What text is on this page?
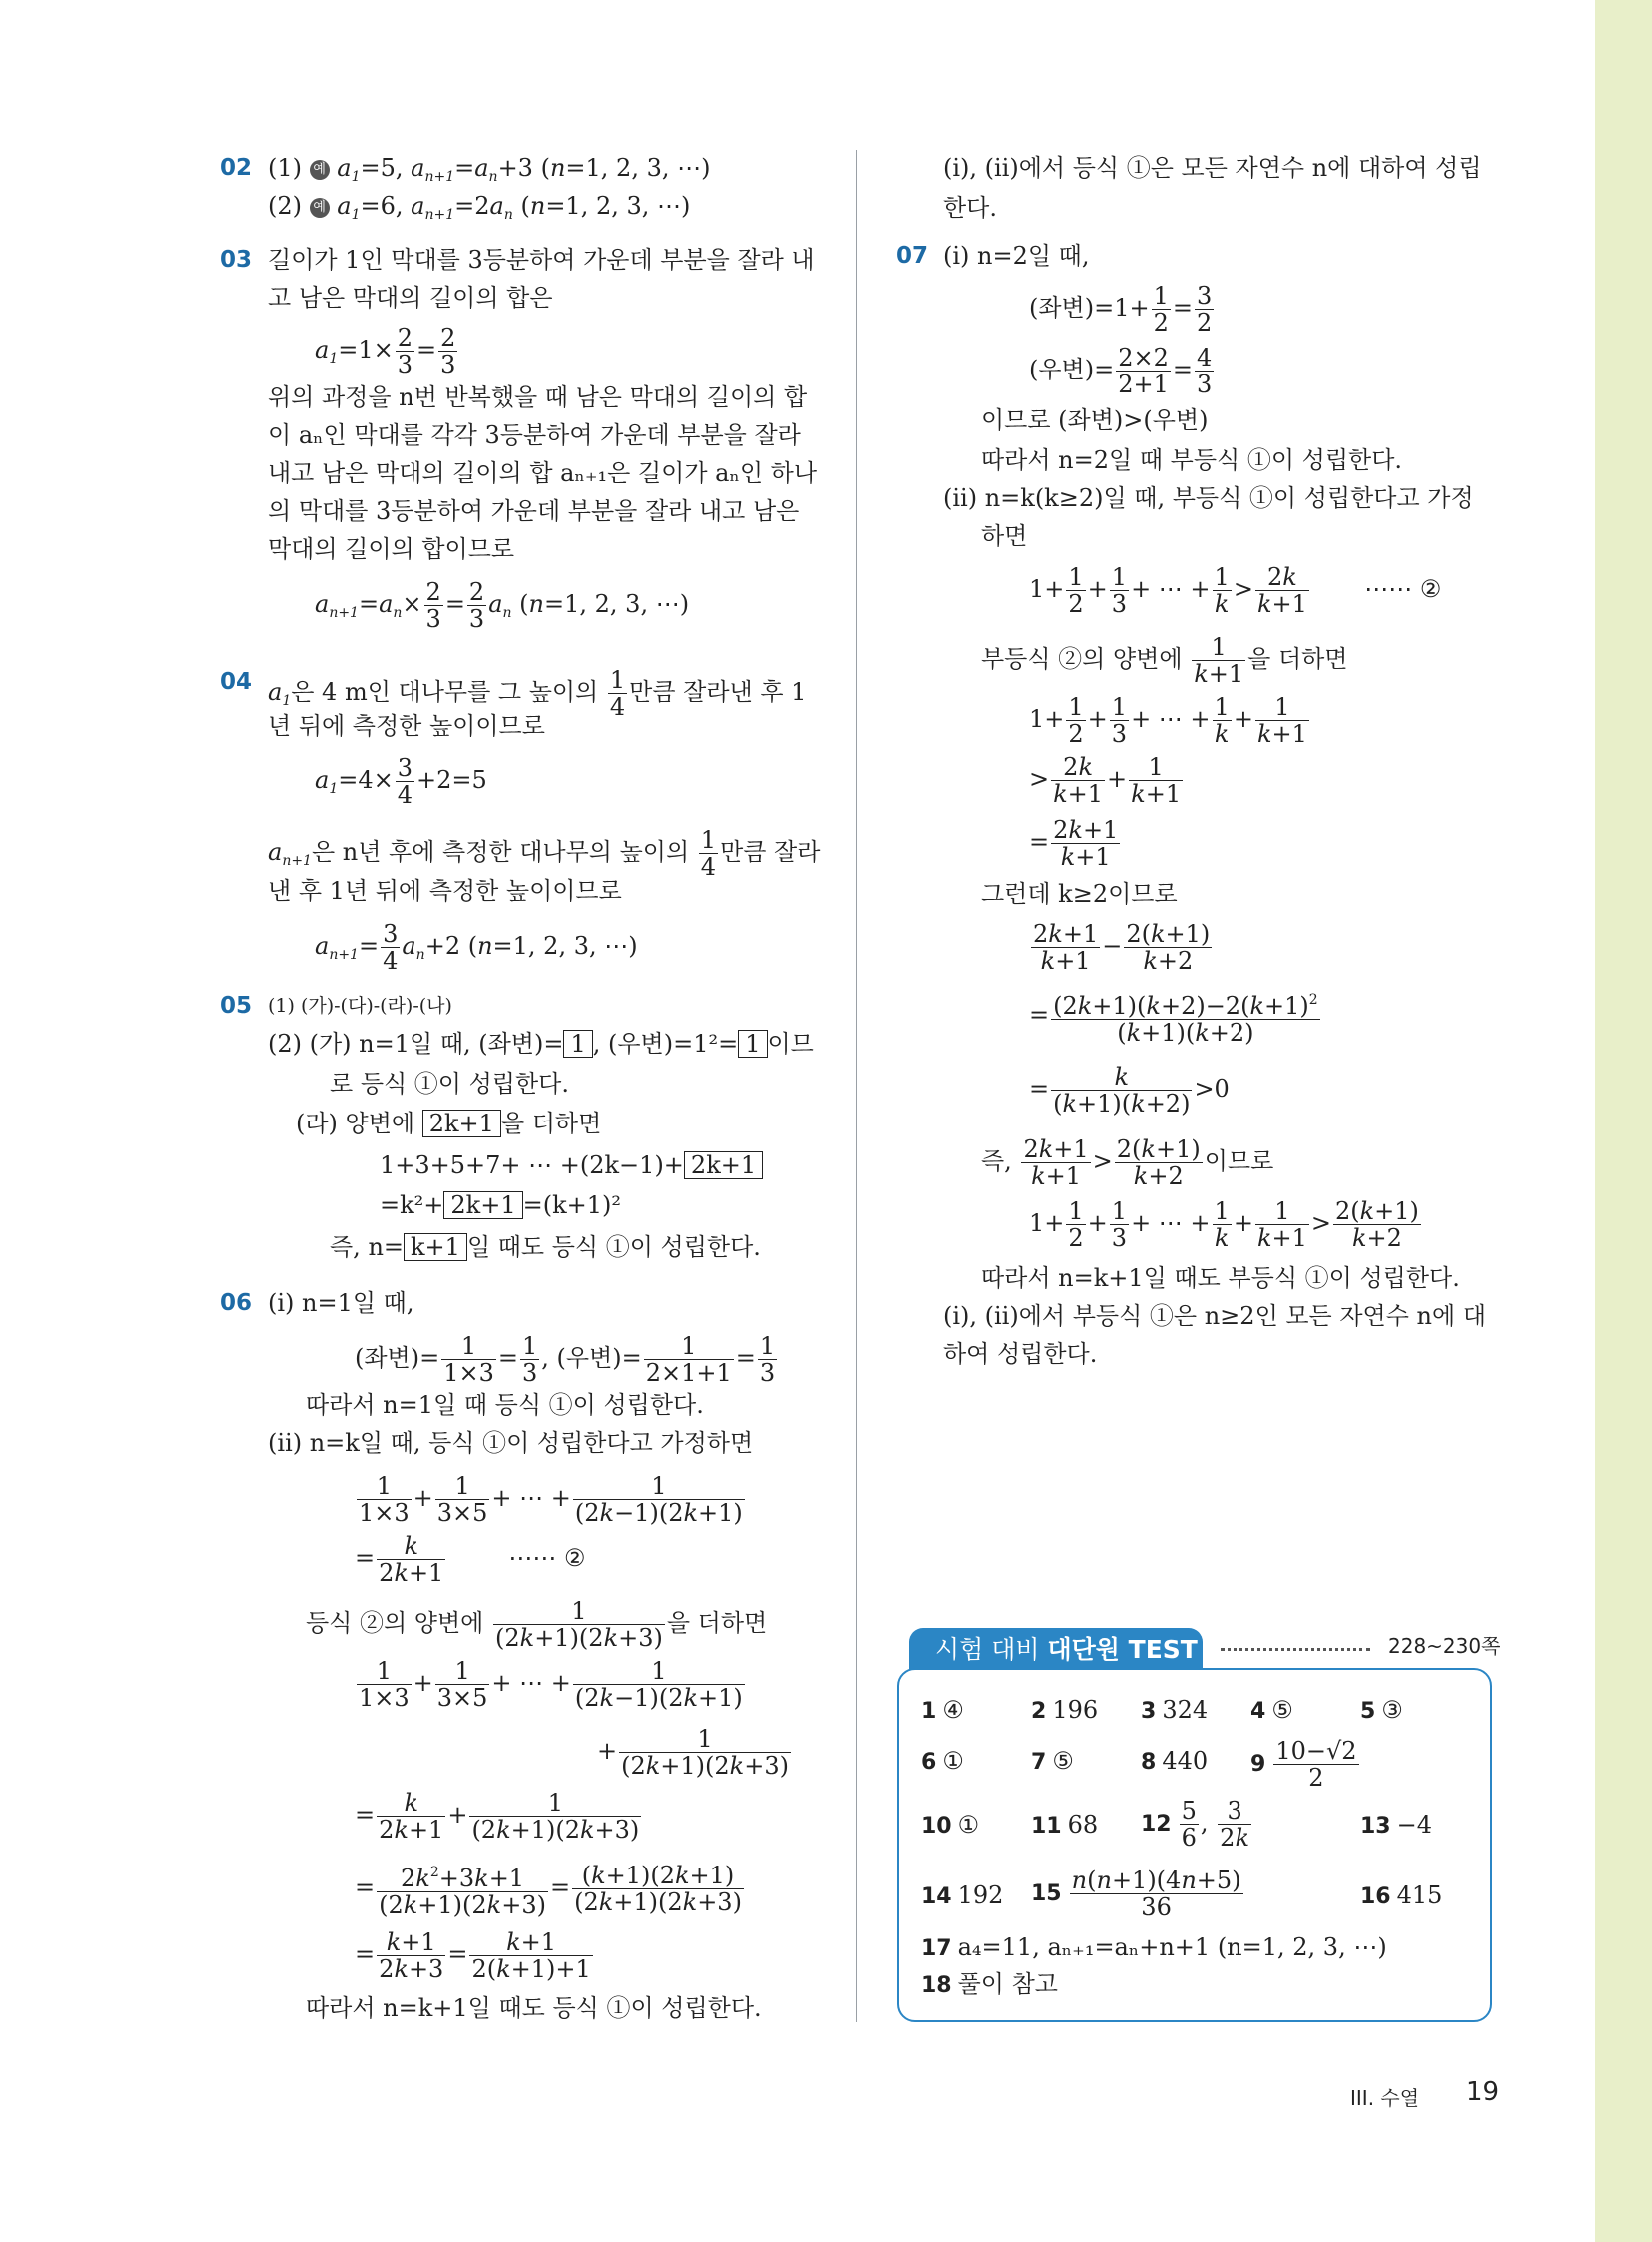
02 (1) 예 $a_1=5$, $a_{n+1}=a_n+3$ (n=1, 2, 3, ⋯)
(2) 예 $a_1=6$, $a_{n+1}=2a_n$ (n=1, 2, 3, ⋯)
03 길이가 1인 막대를 3등분하여 가운데 부분을 잘라 내
고 남은 막대의 길이의 합은
$a_1=1\times \frac{2}{3} = \frac{2}{3}$
위의 과정을 n번 반복했을 때 남은 막대의 길이의 합
이 aₙ인 막대를 각각 3등분하여 가운데 부분을 잘라
내고 남은 막대의 길이의 합 aₙ₊₁은 길이가 aₙ인 하나
의 막대를 3등분하여 가운데 부분을 잘라 내고 남은
막대의 길이의 합이므로
$a_{n+1}=a_n\times \frac{2}{3} = \frac{2}{3} a_n$ (n=1, 2, 3, ⋯)
04 $a_1$은 4 m인 대나무를 그 높이의 $\frac{1}{4}$ 만큼 잘라낸 후 1
년 뒤에 측정한 높이이므로
$a_1=4\times \frac{3}{4} +2=5$
$a_{n+1}$은 n년 후에 측정한 대나무의 높이의 $\frac{1}{4}$ 만큼 잘라
낸 후 1년 뒤에 측정한 높이이므로
$a_{n+1}= \frac{3}{4} a_n+2$ (n=1, 2, 3, ⋯)
05 (1) (가)-(다)-(라)-(나)
(2) (가) n=1일 때, (좌변)= 1 , (우변)=1²= 1 이므
로 등식 ①이 성립한다.
(라) 양변에 2k+1 을 더하면
1+3+5+7+ ⋯ +(2k−1)+ 2k+1
=k²+ 2k+1 =(k+1)²
즉, n= k+1 일 때도 등식 ①이 성립한다.
06 (ⅰ) n=1일 때,
(좌변)= $\frac{1}{1\times 3} = \frac{1}{3}$ , (우변)= $\frac{1}{2\times 1+1} = \frac{1}{3}$
따라서 n=1일 때 등식 ①이 성립한다.
(ⅱ) n=k일 때, 등식 ①이 성립한다고 가정하면
$\frac{1}{1\times 3} + \frac{1}{3\times 5}$ + ⋯ + $\frac{1}{(2k-1)(2k+1)}$
= $\frac{k}{2k+1}$ ⋯⋯ ②
등식 ②의 양변에 $\frac{1}{(2k+1)(2k+3)}$ 을 더하면
$\frac{1}{1\times 3} + \frac{1}{3\times 5}$ + ⋯ + $\frac{1}{(2k-1)(2k+1)}$
+ $\frac{1}{(2k+1)(2k+3)}$
= $\frac{k}{2k+1} + \frac{1}{(2k+1)(2k+3)}$
= $\frac{2k^2+3k+1}{(2k+1)(2k+3)} = \frac{(k+1)(2k+1)}{(2k+1)(2k+3)}$
= $\frac{k+1}{2k+3} = \frac{k+1}{2(k+1)+1}$
따라서 n=k+1일 때도 등식 ①이 성립한다.
(ⅰ), (ⅱ)에서 등식 ①은 모든 자연수 n에 대하여 성립
한다.
07 (ⅰ) n=2일 때,
(좌변)$=1+ \frac{1}{2} = \frac{3}{2}$
(우변)= $\frac{2\times 2}{2+1} = \frac{4}{3}$
이므로 (좌변)>(우변)
따라서 n=2일 때 부등식 ①이 성립한다.
(ⅱ) n=k(k≥2)일 때, 부등식 ①이 성립한다고 가정
하면
$1+ \frac{1}{2} + \frac{1}{3}$ + ⋯ + $\frac{1}{k} > \frac{2k}{k+1}$ ⋯⋯ ②
부등식 ②의 양변에 $\frac{1}{k+1}$ 을 더하면
$1+ \frac{1}{2} + \frac{1}{3}$ + ⋯ + $\frac{1}{k} + \frac{1}{k+1}$
> $\frac{2k}{k+1} + \frac{1}{k+1}$
= $\frac{2k+1}{k+1}$
그런데 k≥2이므로
$\frac{2k+1}{k+1} - \frac{2(k+1)}{k+2}$
= $\frac{(2k+1)(k+2)-2(k+1)^2}{(k+1)(k+2)}$
= $\frac{k}{(k+1)(k+2)} >0$
즉, $\frac{2k+1}{k+1} > \frac{2(k+1)}{k+2}$ 이므로
$1+ \frac{1}{2} + \frac{1}{3}$ + ⋯ + $\frac{1}{k} + \frac{1}{k+1} > \frac{2(k+1)}{k+2}$
따라서 n=k+1일 때도 부등식 ①이 성립한다.
(ⅰ), (ⅱ)에서 부등식 ①은 n≥2인 모든 자연수 n에 대
하여 성립한다.
시험 대비 대단원 TEST	228~230쪽
1 ④	2 196 3 324 4 ⑤	5 ③
6 ①	7 ⑤	8 440 $9 \frac{10-√2}{2}$
10 ① 11 68 $12 \frac{5}{6}$ , $\frac{3}{2k}$	13 −4
14 192 $15 \frac{n(n+1)(4n+5)}{36}$	16 415
17 a₄=11, aₙ₊₁=aₙ+n+1 (n=1, 2, 3, ⋯)
18 풀이 참고
III. 수열 19
